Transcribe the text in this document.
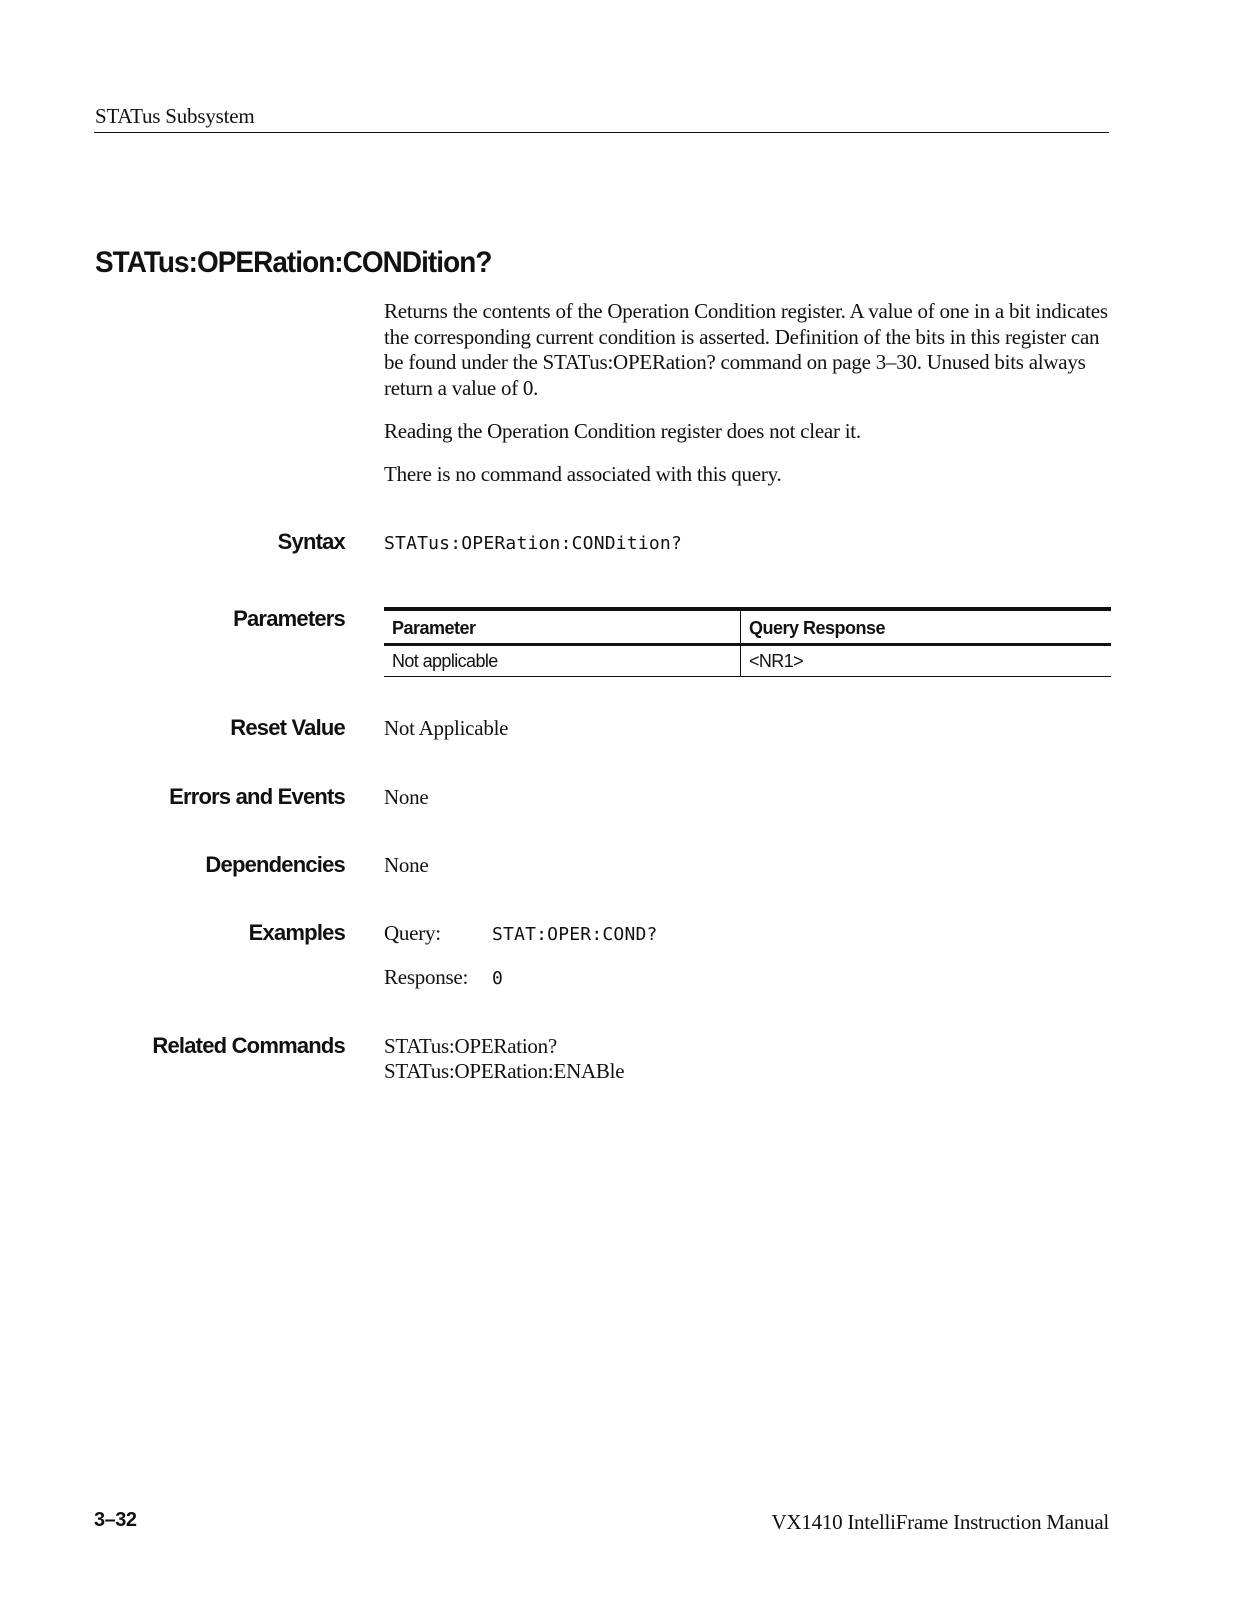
STATus Subsystem
STATus:OPERation:CONDition?

Returns the contents of the Operation Condition register. A value of one in a bit indicates the corresponding current condition is asserted. Definition of the bits in this register can be found under the STATus:OPERation? command on page 3–30. Unused bits always return a value of 0.

Reading the Operation Condition register does not clear it.

There is no command associated with this query.

Syntax STATus:OPERation:CONDition?
Parameters	Parameter	Query Response
Not applicable	<NR1>
Reset Value Not Applicable
Errors and Events None
Dependencies None
Examples Query:	STAT:OPER:COND?
Response: 0
Related Commands STATus:OPERation?
STATus:OPERation:ENABle
3–32	VX1410 IntelliFrame Instruction Manual
